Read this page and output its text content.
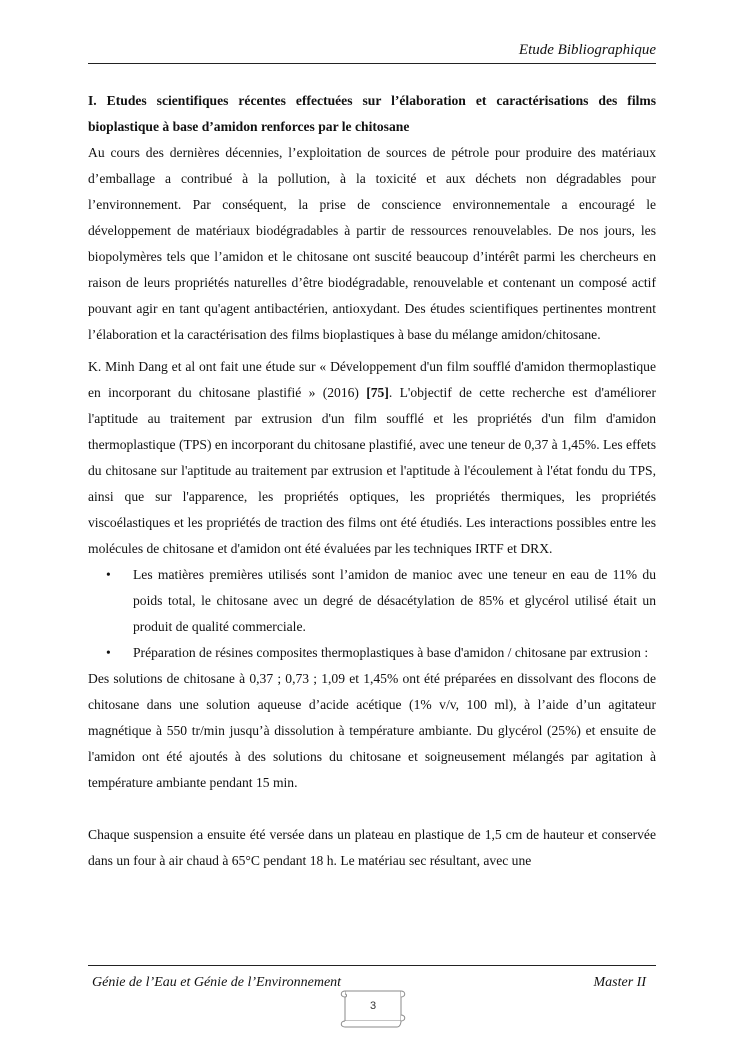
Etude Bibliographique

I. Etudes scientifiques récentes effectuées sur l’élaboration et caractérisations des films bioplastique à base d’amidon renforces par le chitosane

Au cours des dernières décennies, l’exploitation de sources de pétrole pour produire des matériaux d’emballage a contribué à la pollution, à la toxicité et aux déchets non dégradables pour l’environnement. Par conséquent, la prise de conscience environnementale a encouragé le développement de matériaux biodégradables à partir de ressources renouvelables. De nos jours, les biopolymères tels que l’amidon et le chitosane ont suscité beaucoup d’intérêt parmi les chercheurs en raison de leurs propriétés naturelles d’être biodégradable, renouvelable et contenant un composé actif pouvant agir en tant qu'agent antibactérien, antioxydant. Des études scientifiques pertinentes montrent l’élaboration et la caractérisation des films bioplastiques à base du mélange amidon/chitosane.

K. Minh Dang et al ont fait une étude sur « Développement d'un film soufflé d'amidon thermoplastique en incorporant du chitosane plastifié » (2016) [75]. L'objectif de cette recherche est d'améliorer l'aptitude au traitement par extrusion d'un film soufflé et les propriétés d'un film d'amidon thermoplastique (TPS) en incorporant du chitosane plastifié, avec une teneur de 0,37 à 1,45%. Les effets du chitosane sur l'aptitude au traitement par extrusion et l'aptitude à l'écoulement à l'état fondu du TPS, ainsi que sur l'apparence, les propriétés optiques, les propriétés thermiques, les propriétés viscoélastiques et les propriétés de traction des films ont été étudiés. Les interactions possibles entre les molécules de chitosane et d'amidon ont été évaluées par les techniques IRTF et DRX.

• Les matières premières utilisés sont l’amidon de manioc avec une teneur en eau de 11% du poids total, le chitosane avec un degré de désacétylation de 85% et glycérol utilisé était un produit de qualité commerciale.
• Préparation de résines composites thermoplastiques à base d'amidon / chitosane par extrusion :

Des solutions de chitosane à 0,37 ; 0,73 ; 1,09 et 1,45% ont été préparées en dissolvant des flocons de chitosane dans une solution aqueuse d’acide acétique (1% v/v, 100 ml), à l’aide d’un agitateur magnétique à 550 tr/min jusqu’à dissolution à température ambiante. Du glycérol (25%) et ensuite de l'amidon ont été ajoutés à des solutions du chitosane et soigneusement mélangés par agitation à température ambiante pendant 15 min.

Chaque suspension a ensuite été versée dans un plateau en plastique de 1,5 cm de hauteur et conservée dans un four à air chaud à 65°C pendant 18 h. Le matériau sec résultant, avec une

Génie de l’Eau et Génie de l’Environnement	Master II
3
